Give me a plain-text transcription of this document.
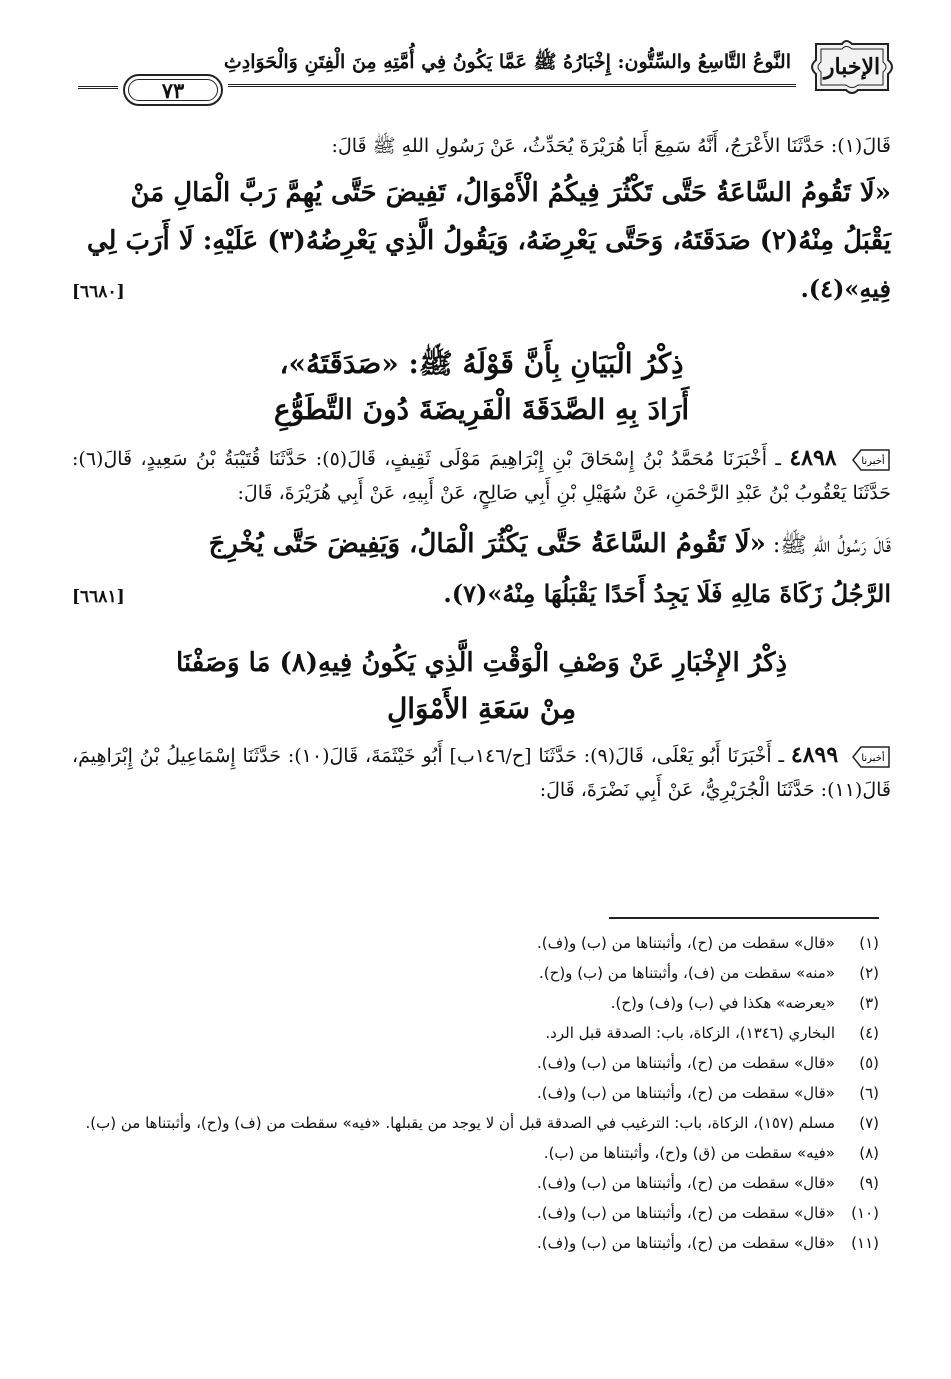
الإخبار
النَّوعُ التَّاسِعُ والسِّتُّون: إِخْبَارُهُ ﷺ عَمَّا يَكُونُ فِي أُمَّتِهِ مِنَ الْفِتَنِ وَالْحَوَادِثِ
٧٣

قَالَ(١): حَدَّثَنَا الأَعْرَجُ، أَنَّهُ سَمِعَ أَبَا هُرَيْرَةَ يُحَدِّثُ، عَنْ رَسُولِ اللهِ ﷺ قَالَ:

«لَا تَقُومُ السَّاعَةُ حَتَّى تَكْثُرَ فِيكُمُ الْأَمْوَالُ، تَفِيضَ حَتَّى يُهِمَّ رَبَّ الْمَالِ مَنْ

يَقْبَلُ مِنْهُ(٢) صَدَقَتَهُ، وَحَتَّى يَعْرِضَهُ، وَيَقُولُ الَّذِي يَعْرِضُهُ(٣) عَلَيْهِ: لَا أَرَبَ لِي

فِيهِ»(٤).
[٦٦٨٠]

ذِكْرُ الْبَيَانِ بِأَنَّ قَوْلَهُ ﷺ: «صَدَقَتَهُ»،

أَرَادَ بِهِ الصَّدَقَةَ الْفَرِيضَةَ دُونَ التَّطَوُّعِ

أخبرنا
٤٨٩٨ ـ أَخْبَرَنَا مُحَمَّدُ بْنُ إِسْحَاقَ بْنِ إِبْرَاهِيمَ مَوْلَى ثَقِيفٍ، قَالَ(٥): حَدَّثَنَا قُتَيْبَةُ بْنُ سَعِيدٍ، قَالَ(٦): حَدَّثَنَا يَعْقُوبُ بْنُ عَبْدِ الرَّحْمَنِ، عَنْ سُهَيْلِ بْنِ أَبِي صَالِحٍ، عَنْ أَبِيهِ، عَنْ أَبِي هُرَيْرَةَ، قَالَ:

قَالَ رَسُولُ اللهِ ﷺ: «لَا تَقُومُ السَّاعَةُ حَتَّى يَكْثُرَ الْمَالُ، وَيَفِيضَ حَتَّى يُخْرِجَ

الرَّجُلُ زَكَاةَ مَالِهِ فَلَا يَجِدُ أَحَدًا يَقْبَلُهَا مِنْهُ»(٧).
[٦٦٨١]

ذِكْرُ الإِخْبَارِ عَنْ وَصْفِ الْوَقْتِ الَّذِي يَكُونُ فِيهِ(٨) مَا وَصَفْنَا

مِنْ سَعَةِ الأَمْوَالِ

أخبرنا
٤٨٩٩ ـ أَخْبَرَنَا أَبُو يَعْلَى، قَالَ(٩): حَدَّثَنَا [ح/١٤٦ب] أَبُو خَيْثَمَةَ، قَالَ(١٠): حَدَّثَنَا إِسْمَاعِيلُ بْنُ إِبْرَاهِيمَ، قَالَ(١١): حَدَّثَنَا الْجُرَيْرِيُّ، عَنْ أَبِي نَضْرَةَ، قَالَ:

(١)
«قال» سقطت من (ح)، وأثبتناها من (ب) و(ف).

(٢)
«منه» سقطت من (ف)، وأثبتناها من (ب) و(ح).

(٣)
«يعرضه» هكذا في (ب) و(ف) و(ح).

(٤)
البخاري (١٣٤٦)، الزكاة، باب: الصدقة قبل الرد.

(٥)
«قال» سقطت من (ح)، وأثبتناها من (ب) و(ف).

(٦)
«قال» سقطت من (ح)، وأثبتناها من (ب) و(ف).

(٧)
مسلم (١٥٧)، الزكاة، باب: الترغيب في الصدقة قبل أن لا يوجد من يقبلها. «فيه» سقطت من (ف) و(ح)، وأثبتناها من (ب).

(٨)
«فيه» سقطت من (ق) و(ح)، وأثبتناها من (ب).

(٩)
«قال» سقطت من (ح)، وأثبتناها من (ب) و(ف).

(١٠)
«قال» سقطت من (ح)، وأثبتناها من (ب) و(ف).

(١١)
«قال» سقطت من (ح)، وأثبتناها من (ب) و(ف).
